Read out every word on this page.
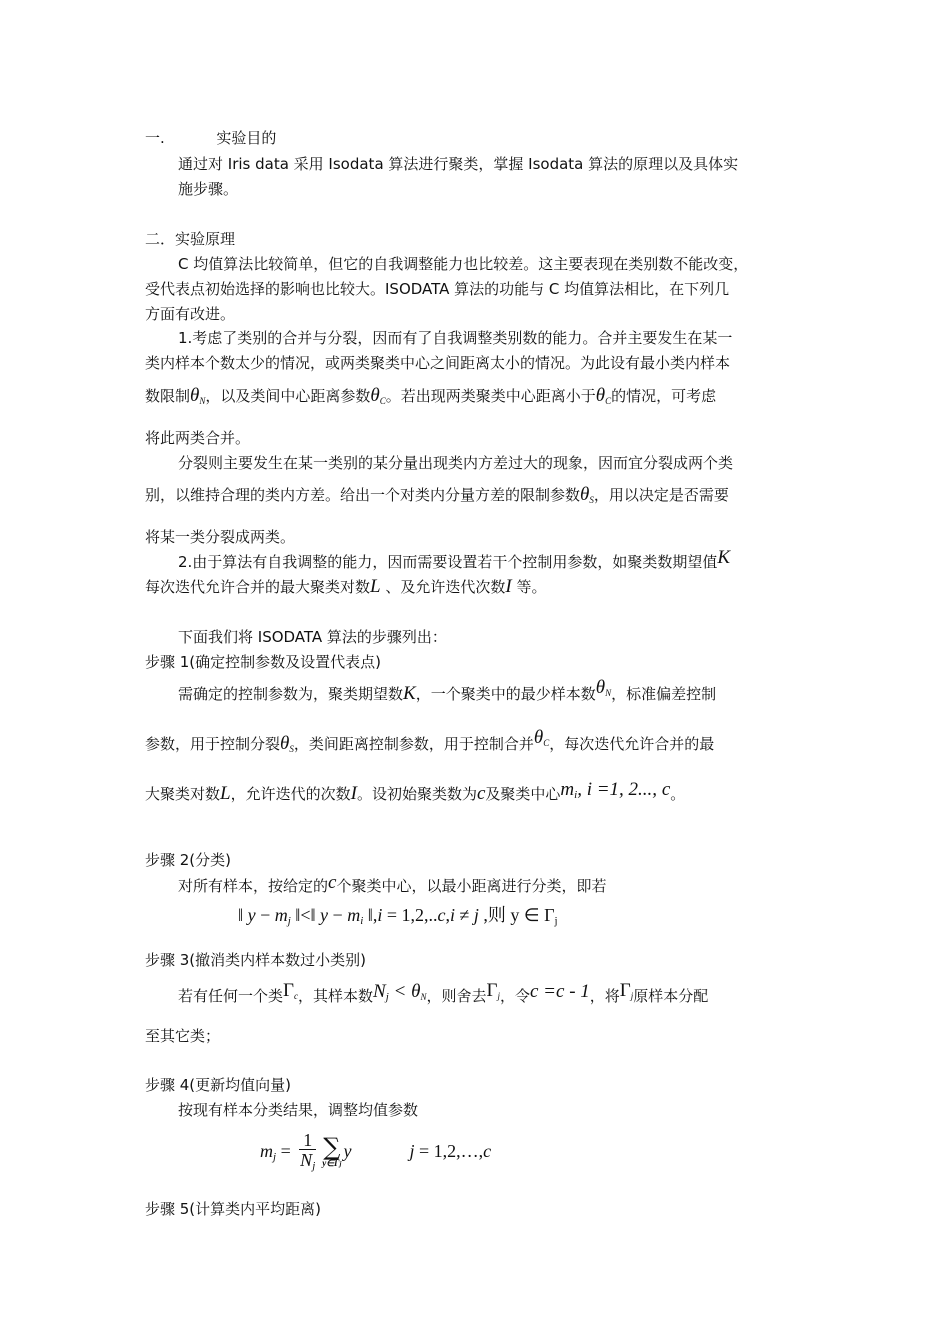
一.	实验目的
通过对 Iris data 采用 Isodata 算法进行聚类，掌握 Isodata 算法的原理以及具体实
施步骤。
二．实验原理
C 均值算法比较简单，但它的自我调整能力也比较差。这主要表现在类别数不能改变，
受代表点初始选择的影响也比较大。ISODATA 算法的功能与 C 均值算法相比，在下列几
方面有改进。
1.考虑了类别的合并与分裂，因而有了自我调整类别数的能力。合并主要发生在某一
类内样本个数太少的情况，或两类聚类中心之间距离太小的情况。为此设有最小类内样本
数限制$\theta_N$，以及类间中心距离参数$\theta_C$。若出现两类聚类中心距离小于$\theta_C$的情况，可考虑
将此两类合并。
分裂则主要发生在某一类别的某分量出现类内方差过大的现象，因而宜分裂成两个类
别，以维持合理的类内方差。给出一个对类内分量方差的限制参数$\theta_S$，用以决定是否需要
将某一类分裂成两类。
2.由于算法有自我调整的能力，因而需要设置若干个控制用参数，如聚类数期望值K
每次迭代允许合并的最大聚类对数L 、及允许迭代次数I 等。
下面我们将 ISODATA 算法的步骤列出：
步骤 1(确定控制参数及设置代表点)
需确定的控制参数为，聚类期望数K，一个聚类中的最少样本数$\theta^N$，标准偏差控制
参数，用于控制分裂$\theta_S$，类间距离控制参数，用于控制合并$\theta^C$，每次迭代允许合并的最
大聚类对数L，允许迭代的次数I。设初始聚类数为c及聚类中心mi, i =1, 2..., c。
步骤 2(分类)
对所有样本，按给定的c个聚类中心，以最小距离进行分类，即若
‖ y − mj ‖<‖ y − mi ‖,i = 1,2,..c,i ≠ j ,则 y ∈ Γj
步骤 3(撤消类内样本数过小类别)
若有任何一个类Γc，其样本数Nj < θN，则舍去Γj，令c =c - 1，将Γj原样本分配
至其它类；
步骤 4(更新均值向量)
按现有样本分类结果，调整均值参数
mj = $\frac{1}{Nj}$ ∑
y∈Γj
y	j = 1,2,…,c
步骤 5(计算类内平均距离)
